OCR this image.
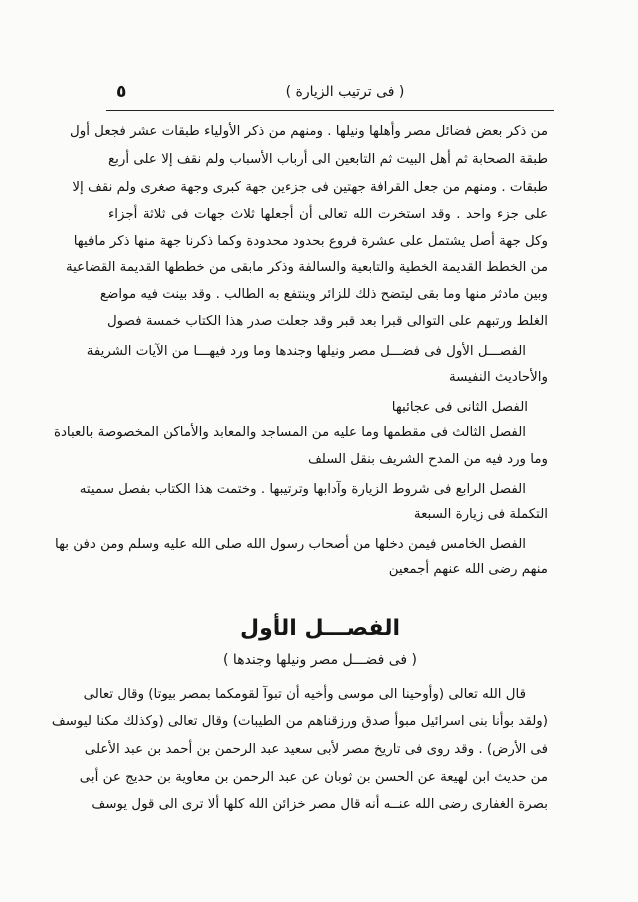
( فى ترتيب الزيارة )
٥
من ذكر بعض فضائل مصر وأهلها ونيلها . ومنهم من ذكر الأولياء طبقات عشر فجعل أول
طبقة الصحابة ثم أهل البيت ثم التابعين الى أرباب الأسباب ولم نقف إلا على أربع
طبقات . ومنهم من جعل القرافة جهتين فى جزءين جهة كبرى وجهة صغرى ولم نقف إلا
على جزء واحد . وقد استخرت الله تعالى أن أجعلها ثلاث جهات فى ثلاثة أجزاء
وكل جهة أصل يشتمل على عشرة فروع بحدود محدودة وكما ذكرنا جهة منها ذكر مافيها
من الخطط القديمة الخطية والتابعية والسالفة وذكر مابقى من خططها القديمة القضاعية
وبين مادثر منها وما بقى ليتضح ذلك للزائر وينتفع به الطالب . وقد بينت فيه مواضع
الغلط ورتبهم على التوالى قبرا بعد قبر وقد جعلت صدر هذا الكتاب خمسة فصول
الفصـــل الأول فى فضـــل مصر ونيلها وجندها وما ورد فيهـــا من الآيات الشريفة
والأحاديث النفيسة
الفصل الثانى فى عجائبها
الفصل الثالث فى مقطمها وما عليه من المساجد والمعابد والأماكن المخصوصة بالعبادة
وما ورد فيه من المدح الشريف بنقل السلف
الفصل الرابع فى شروط الزيارة وآدابها وترتيبها . وختمت هذا الكتاب بفصل سميته
التكملة فى زيارة السبعة
الفصل الخامس فيمن دخلها من أصحاب رسول الله صلى الله عليه وسلم ومن دفن بها
منهم رضى الله عنهم أجمعين
الفصـــل الأول
( فى فضـــل مصر ونيلها وجندها )
قال الله تعالى (وأوحينا الى موسى وأخيه أن تبوآ لقومكما بمصر بيوتا) وقال تعالى
(ولقد بوأنا بنى اسرائيل مبوأ صدق ورزقناهم من الطيبات) وقال تعالى (وكذلك مكنا ليوسف
فى الأرض) . وقد روى فى تاريخ مصر لأبى سعيد عبد الرحمن بن أحمد بن عبد الأعلى
من حديث ابن لهيعة عن الحسن بن ثوبان عن عبد الرحمن بن معاوية بن حديج عن أبى
بصرة الغفارى رضى الله عنــه أنه قال مصر خزائن الله كلها ألا ترى الى قول يوسف
